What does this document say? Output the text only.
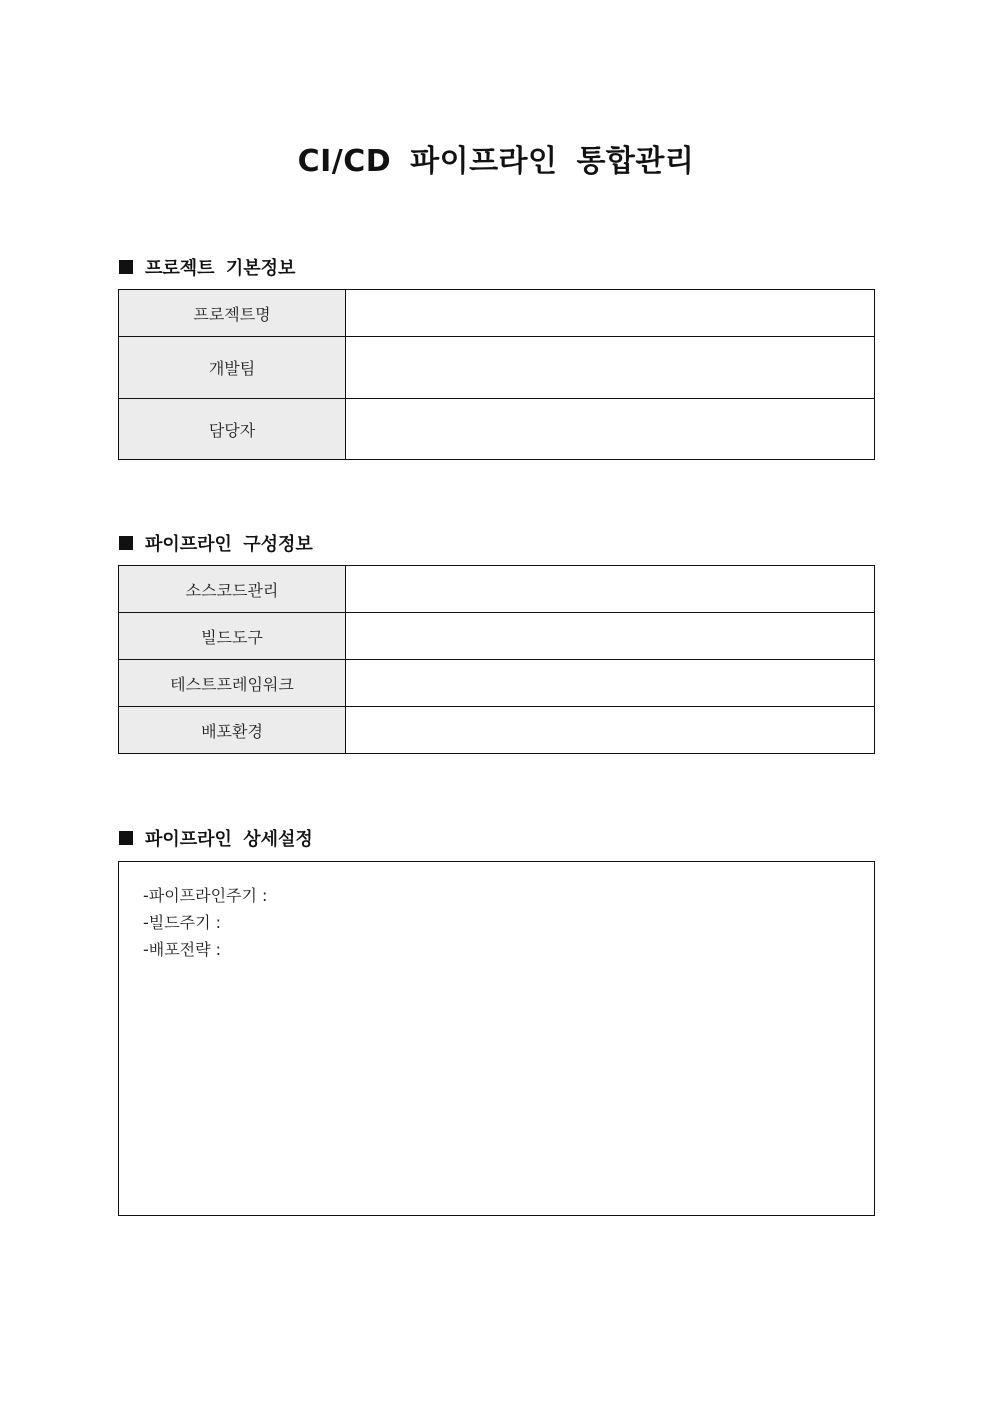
CI/CD 파이프라인 통합관리
프로젝트 기본정보
프로젝트명	
개발팀	
담당자	
파이프라인 구성정보
소스코드관리	
빌드도구	
테스트프레임워크	
배포환경	
파이프라인 상세설정
-파이프라인주기 :
-빌드주기 :
-배포전략 :
